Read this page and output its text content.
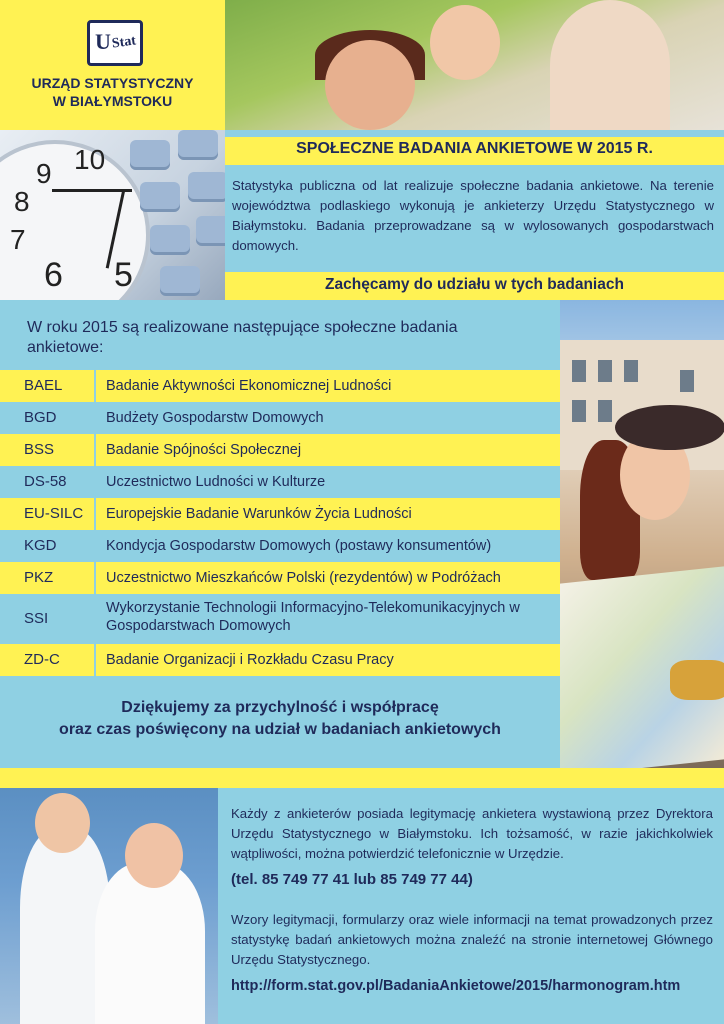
U Stat
URZĄD STATYSTYCZNY
W BIAŁYMSTOKU
10
9
8
7
6 5
SPOŁECZNE BADANIA ANKIETOWE W 2015 R.
Statystyka publiczna od lat realizuje społeczne badania ankietowe. Na terenie województwa podlaskiego wykonują je ankieterzy Urzędu Statystycznego w Białymstoku. Badania przeprowadzane są w wylosowanych gospodarstwach domowych.
Zachęcamy do udziału w tych badaniach
W roku 2015 są realizowane następujące społeczne badania ankietowe:
BAEL	Badanie Aktywności Ekonomicznej Ludności
BGD	Budżety Gospodarstw Domowych
BSS	Badanie Spójności Społecznej
DS-58	Uczestnictwo Ludności w Kulturze
EU-SILC Europejskie Badanie Warunków Życia Ludności
KGD	Kondycja Gospodarstw Domowych (postawy konsumentów)
PKZ	Uczestnictwo Mieszkańców Polski (rezydentów) w Podróżach
SSI
Wykorzystanie Technologii Informacyjno-Telekomunikacyjnych w Gospodarstwach Domowych
ZD-C	Badanie Organizacji i Rozkładu Czasu Pracy
Dziękujemy za przychylność i współpracę
oraz czas poświęcony na udział w badaniach ankietowych
Każdy z ankieterów posiada legitymację ankietera wystawioną przez Dyrektora Urzędu Statystycznego w Białymstoku. Ich tożsamość, w razie jakichkolwiek wątpliwości, można potwierdzić telefonicznie w Urzędzie.
(tel. 85 749 77 41 lub 85 749 77 44)
Wzory legitymacji, formularzy oraz wiele informacji na temat prowadzonych przez statystykę badań ankietowych można znaleźć na stronie internetowej Głównego Urzędu Statystycznego.
http://form.stat.gov.pl/BadaniaAnkietowe/2015/harmonogram.htm
